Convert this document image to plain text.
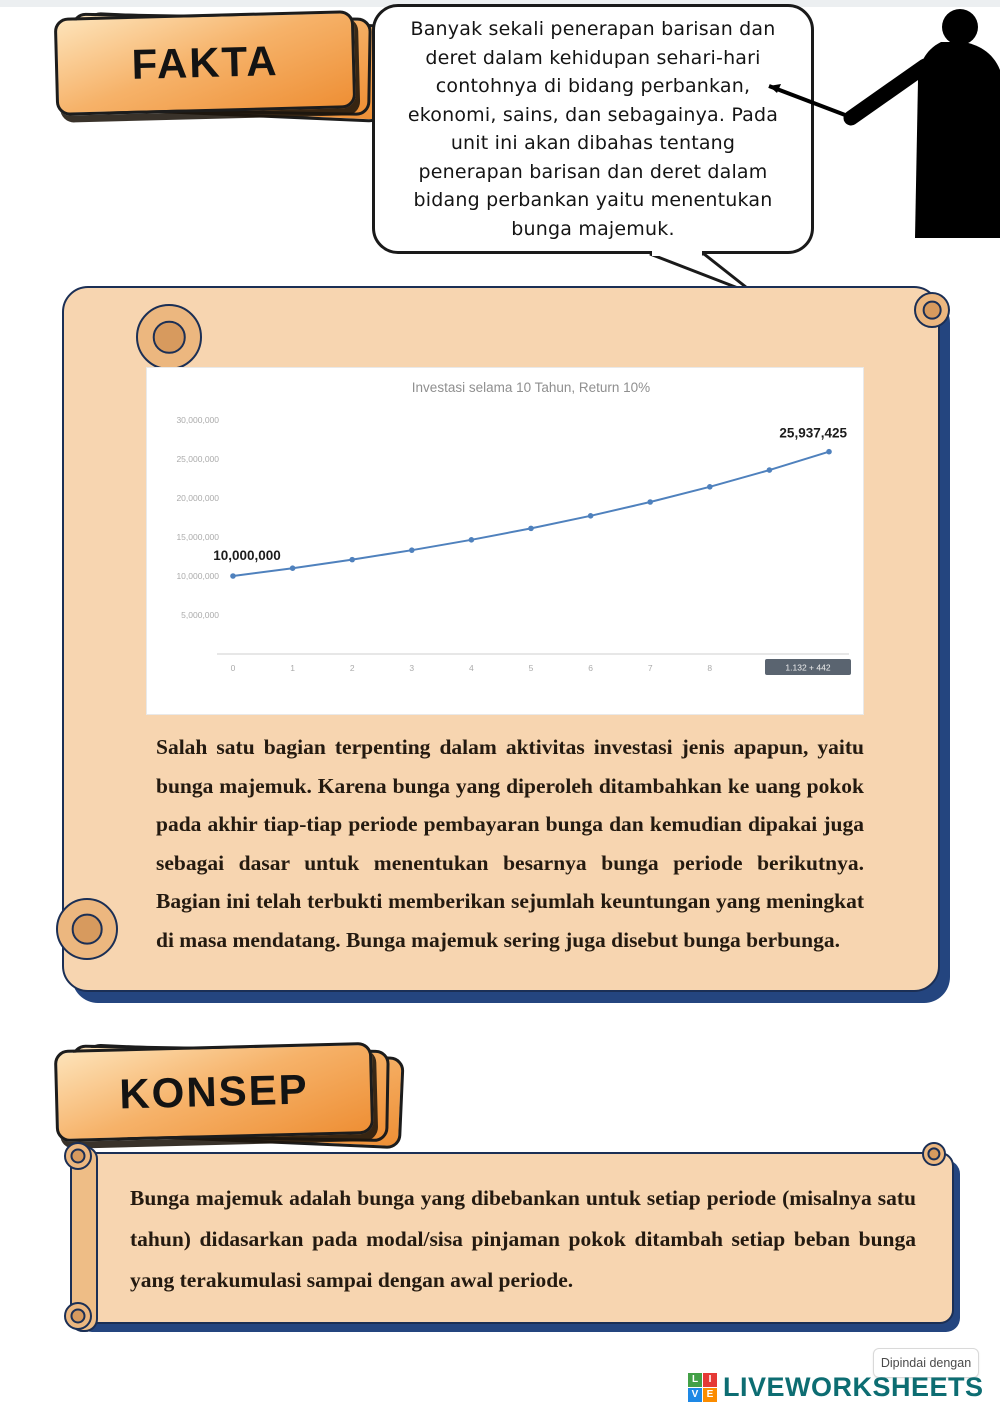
FAKTA

Banyak sekali penerapan barisan dan deret dalam kehidupan sehari-hari contohnya di bidang perbankan, ekonomi, sains, dan sebagainya. Pada unit ini akan dibahas tentang penerapan barisan dan deret dalam bidang perbankan yaitu menentukan bunga majemuk.

Investasi selama 10 Tahun, Return 10%
30,000,000
25,000,000
20,000,000
15,000,000
10,000,000
5,000,000
0	1	2	3	4	5	6	7	8
10,000,000
25,937,425
1.132 + 442

Salah satu bagian terpenting dalam aktivitas investasi jenis apapun, yaitu bunga majemuk. Karena bunga yang diperoleh ditambahkan ke uang pokok pada akhir tiap-tiap periode pembayaran bunga dan kemudian dipakai juga sebagai dasar untuk menentukan besarnya bunga periode berikutnya. Bagian ini telah terbukti memberikan sejumlah keuntungan yang meningkat di masa mendatang. Bunga majemuk sering juga disebut bunga berbunga.

KONSEP

Bunga majemuk adalah bunga yang dibebankan untuk setiap periode (misalnya satu tahun) didasarkan pada modal/sisa pinjaman pokok ditambah setiap beban bunga yang terakumulasi sampai dengan awal periode.

Dipindai dengan
L	I
V E LIVEWORKSHEETS
